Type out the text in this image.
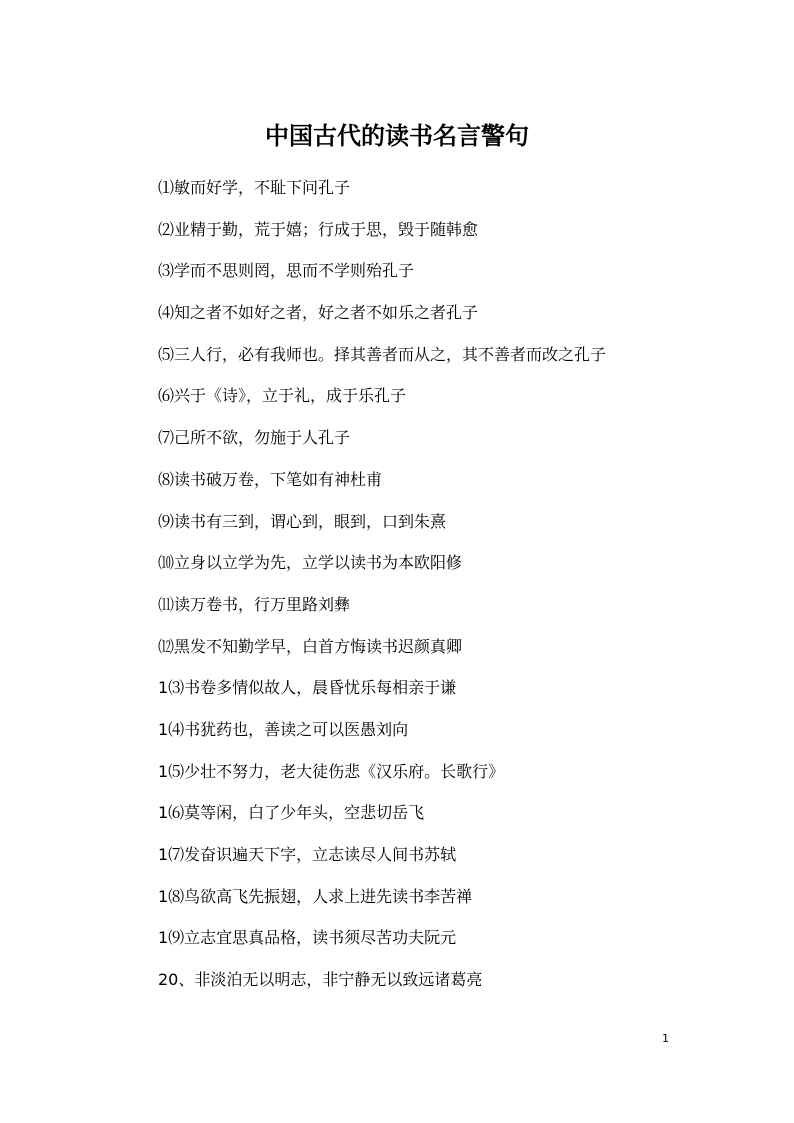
中国古代的读书名言警句
⑴敏而好学，不耻下问孔子
⑵业精于勤，荒于嬉；行成于思，毁于随韩愈
⑶学而不思则罔，思而不学则殆孔子
⑷知之者不如好之者，好之者不如乐之者孔子
⑸三人行，必有我师也。择其善者而从之，其不善者而改之孔子
⑹兴于《诗》，立于礼，成于乐孔子
⑺己所不欲，勿施于人孔子
⑻读书破万卷，下笔如有神杜甫
⑼读书有三到，谓心到，眼到，口到朱熹
⑽立身以立学为先，立学以读书为本欧阳修
⑾读万卷书，行万里路刘彝
⑿黑发不知勤学早，白首方悔读书迟颜真卿
1⑶书卷多情似故人，晨昏忧乐每相亲于谦
1⑷书犹药也，善读之可以医愚刘向
1⑸少壮不努力，老大徒伤悲《汉乐府。长歌行》
1⑹莫等闲，白了少年头，空悲切岳飞
1⑺发奋识遍天下字，立志读尽人间书苏轼
1⑻鸟欲高飞先振翅，人求上进先读书李苦禅
1⑼立志宜思真品格，读书须尽苦功夫阮元
20、非淡泊无以明志，非宁静无以致远诸葛亮
1
